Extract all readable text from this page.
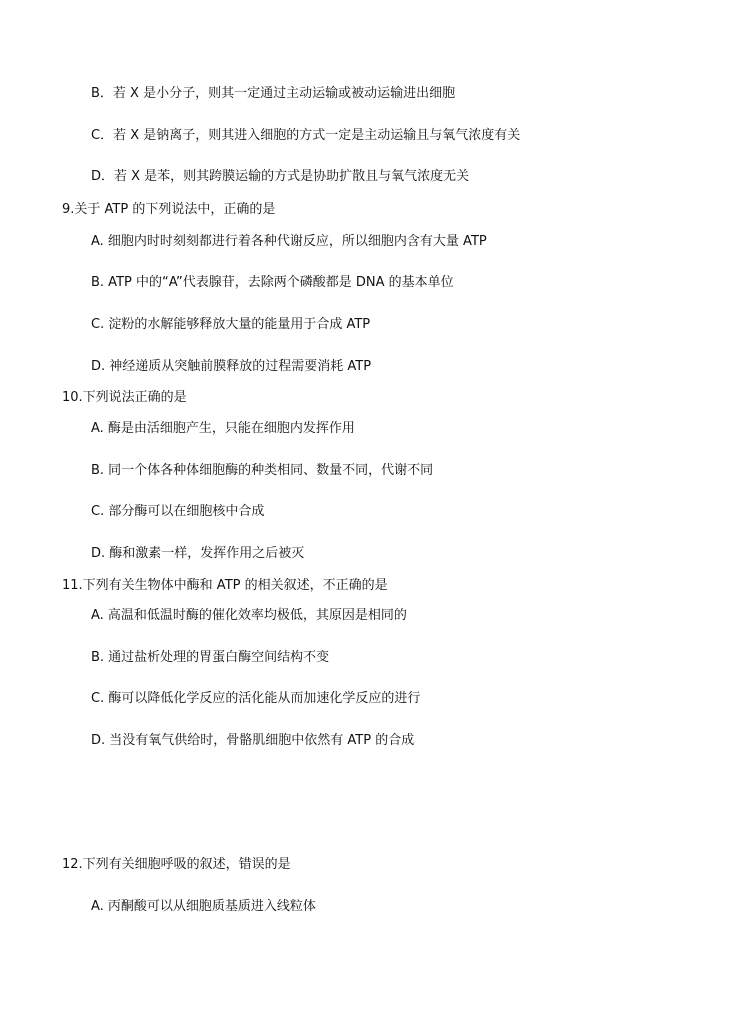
B．若 X 是小分子，则其一定通过主动运输或被动运输进出细胞
C．若 X 是钠离子，则其进入细胞的方式一定是主动运输且与氧气浓度有关
D．若 X 是苯，则其跨膜运输的方式是协助扩散且与氧气浓度无关
9.关于 ATP 的下列说法中，正确的是
A. 细胞内时时刻刻都进行着各种代谢反应，所以细胞内含有大量 ATP
B. ATP 中的“A”代表腺苷，去除两个磷酸都是 DNA 的基本单位
C. 淀粉的水解能够释放大量的能量用于合成 ATP
D. 神经递质从突触前膜释放的过程需要消耗 ATP
10.下列说法正确的是
A. 酶是由活细胞产生，只能在细胞内发挥作用
B. 同一个体各种体细胞酶的种类相同、数量不同，代谢不同
C. 部分酶可以在细胞核中合成
D. 酶和激素一样，发挥作用之后被灭
11.下列有关生物体中酶和 ATP 的相关叙述，不正确的是
A. 高温和低温时酶的催化效率均极低，其原因是相同的
B. 通过盐析处理的胃蛋白酶空间结构不变
C. 酶可以降低化学反应的活化能从而加速化学反应的进行
D. 当没有氧气供给时，骨骼肌细胞中依然有 ATP 的合成
12.下列有关细胞呼吸的叙述，错误的是
A. 丙酮酸可以从细胞质基质进入线粒体
